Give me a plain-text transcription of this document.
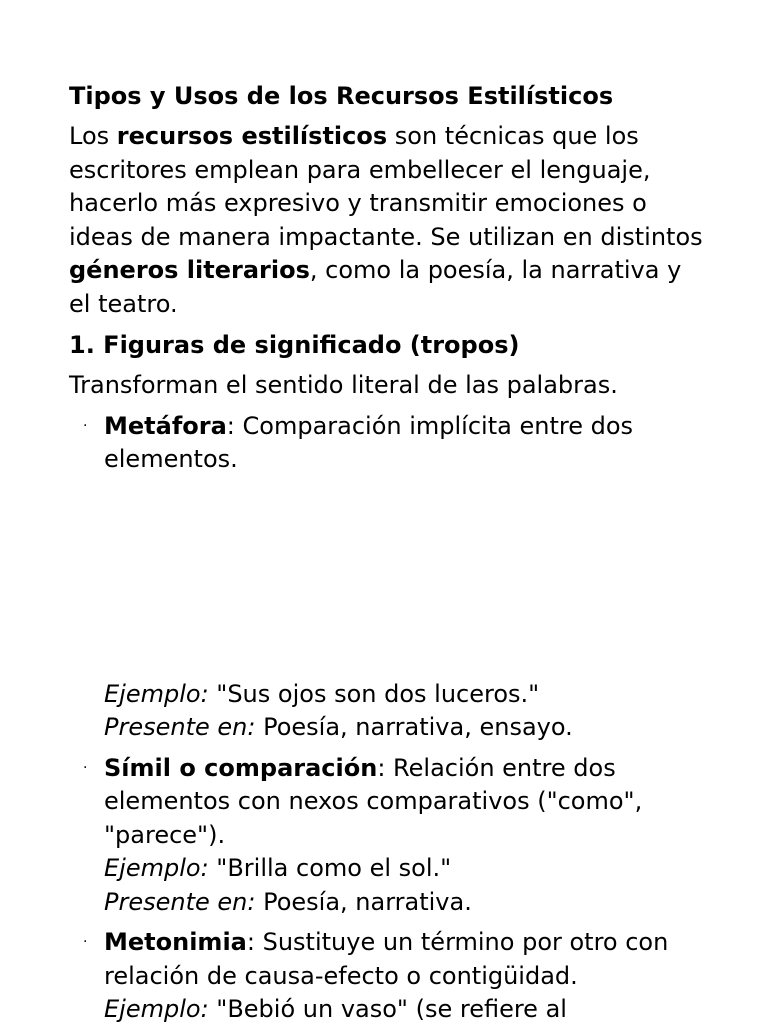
Tipos y Usos de los Recursos Estilísticos

Los recursos estilísticos son técnicas que los escritores emplean para embellecer el lenguaje, hacerlo más expresivo y transmitir emociones o ideas de manera impactante. Se utilizan en distintos géneros literarios, como la poesía, la narrativa y el teatro.

1. Figuras de significado (tropos)

Transforman el sentido literal de las palabras.

· Metáfora: Comparación implícita entre dos elementos.
Ejemplo: "Sus ojos son dos luceros."
Presente en: Poesía, narrativa, ensayo.
· Símil o comparación: Relación entre dos elementos con nexos comparativos ("como", "parece").
Ejemplo: "Brilla como el sol."
Presente en: Poesía, narrativa.
· Metonimia: Sustituye un término por otro con relación de causa-efecto o contigüidad.
Ejemplo: "Bebió un vaso" (se refiere al
